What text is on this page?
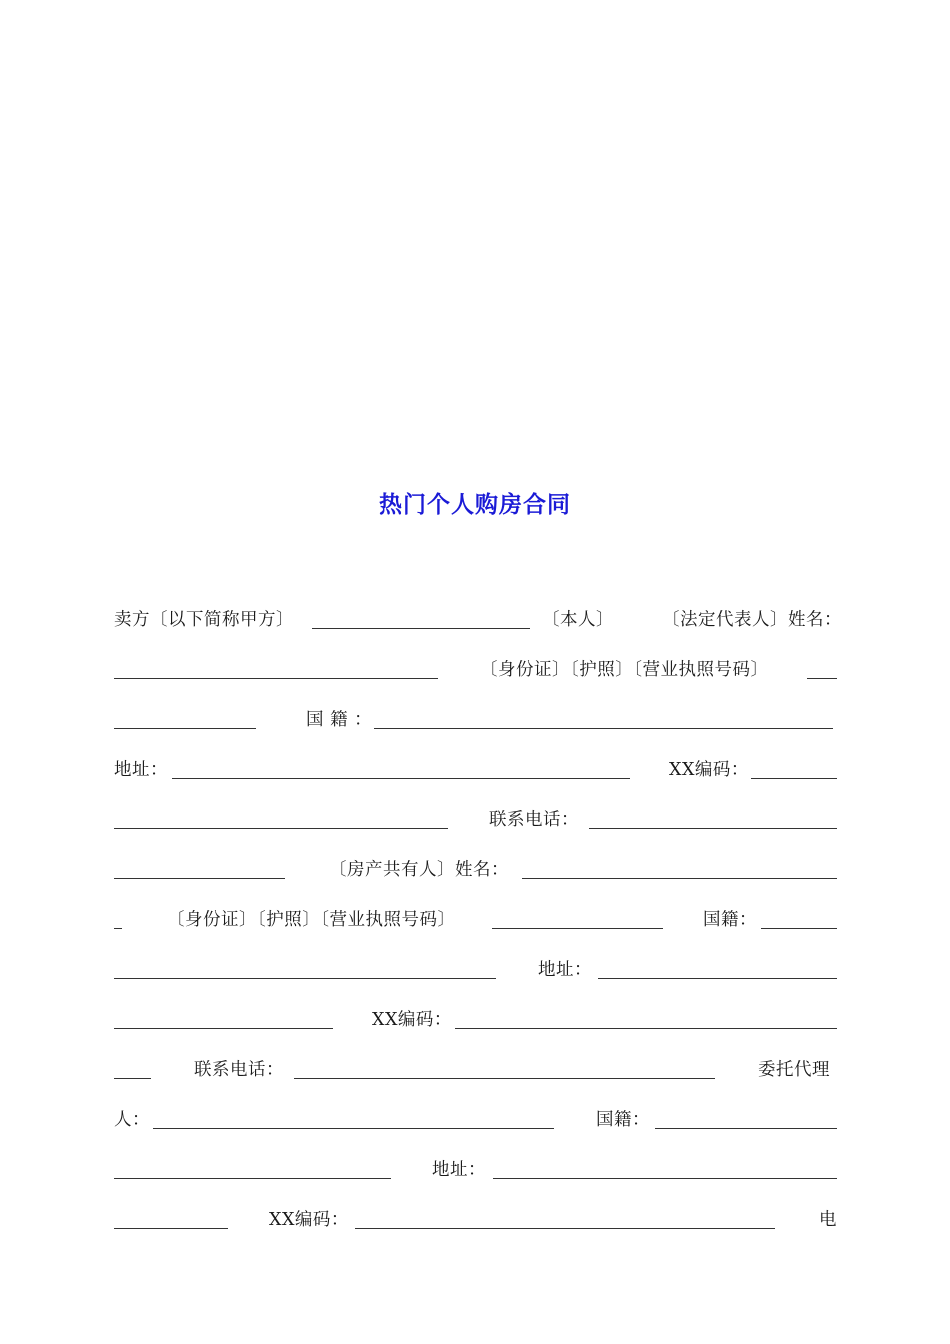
热门个人购房合同
卖方〔以下简称甲方〕	〔本人〕	〔法定代表人〕姓名：
〔身份证〕〔护照〕〔营业执照号码〕
国 籍 ：
地址：	XX编码：
联系电话：
〔房产共有人〕姓名：
〔身份证〕〔护照〕〔营业执照号码〕	国籍：
地址：
XX编码：
联系电话：	委托代理
人：	国籍：
地址：
XX编码：	电
